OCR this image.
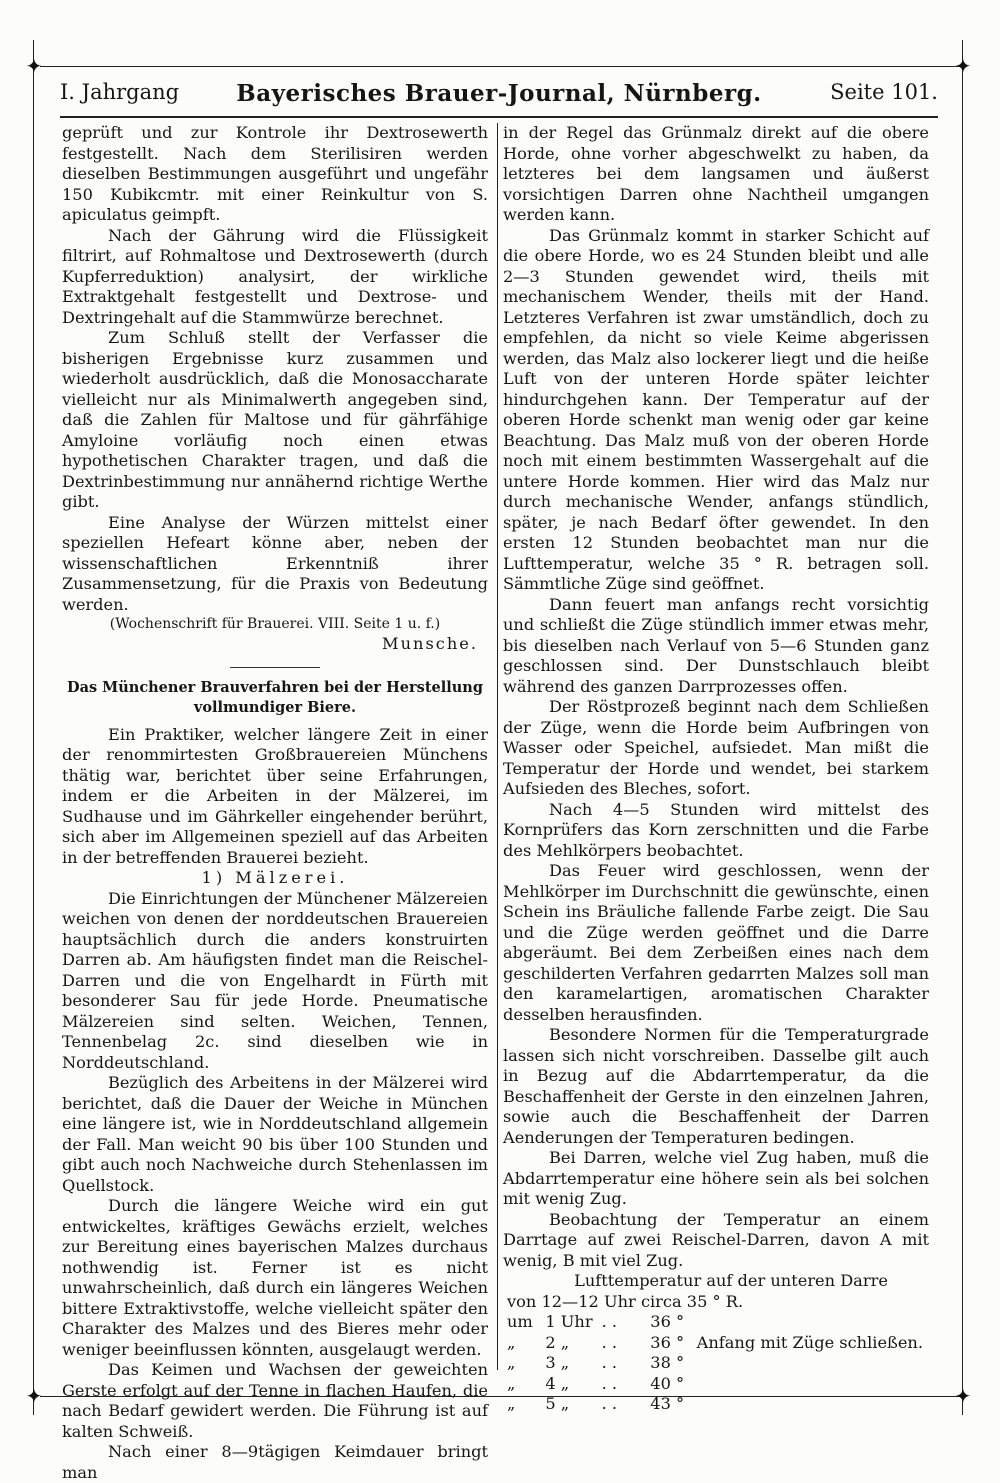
✦	✦
✦	✦
I. Jahrgang	Bayerisches Brauer-Journal, Nürnberg.	Seite 101.

geprüft und zur Kontrole ihr Dextrosewerth festgestellt. Nach dem Sterilisiren werden dieselben Bestimmungen ausgeführt und ungefähr 150 Kubikcmtr. mit einer Reinkultur von S. apiculatus geimpft.

Nach der Gährung wird die Flüssigkeit filtrirt, auf Rohmaltose und Dextrosewerth (durch Kupferreduktion) analysirt, der wirkliche Extraktgehalt festgestellt und Dextrose- und Dextringehalt auf die Stammwürze berechnet.

Zum Schluß stellt der Verfasser die bisherigen Ergebnisse kurz zusammen und wiederholt ausdrücklich, daß die Monosaccharate vielleicht nur als Minimalwerth angegeben sind, daß die Zahlen für Maltose und für gährfähige Amyloine vorläufig noch einen etwas hypothetischen Charakter tragen, und daß die Dextrinbestimmung nur annähernd richtige Werthe gibt.

Eine Analyse der Würzen mittelst einer speziellen Hefeart könne aber, neben der wissenschaftlichen Erkenntniß ihrer Zusammensetzung, für die Praxis von Bedeutung werden.

(Wochenschrift für Brauerei. VIII. Seite 1 u. f.)

Munsche.

Das Münchener Brauverfahren bei der Herstellung vollmundiger Biere.

Ein Praktiker, welcher längere Zeit in einer der renommirtesten Großbrauereien Münchens thätig war, berichtet über seine Erfahrungen, indem er die Arbeiten in der Mälzerei, im Sudhause und im Gährkeller eingehender berührt, sich aber im Allgemeinen speziell auf das Arbeiten in der betreffenden Brauerei bezieht.

1) Mälzerei.

Die Einrichtungen der Münchener Mälzereien weichen von denen der norddeutschen Brauereien hauptsächlich durch die anders konstruirten Darren ab. Am häufigsten findet man die Reischel-Darren und die von Engelhardt in Fürth mit besonderer Sau für jede Horde. Pneumatische Mälzereien sind selten. Weichen, Tennen, Tennenbelag 2c. sind dieselben wie in Norddeutschland.

Bezüglich des Arbeitens in der Mälzerei wird berichtet, daß die Dauer der Weiche in München eine längere ist, wie in Norddeutschland allgemein der Fall. Man weicht 90 bis über 100 Stunden und gibt auch noch Nachweiche durch Stehenlassen im Quellstock.

Durch die längere Weiche wird ein gut entwickeltes, kräftiges Gewächs erzielt, welches zur Bereitung eines bayerischen Malzes durchaus nothwendig ist. Ferner ist es nicht unwahrscheinlich, daß durch ein längeres Weichen bittere Extraktivstoffe, welche vielleicht später den Charakter des Malzes und des Bieres mehr oder weniger beeinflussen könnten, ausgelaugt werden.

Das Keimen und Wachsen der geweichten Gerste erfolgt auf der Tenne in flachen Haufen, die nach Bedarf gewidert werden. Die Führung ist auf kalten Schweiß.

Nach einer 8—9tägigen Keimdauer bringt man

in der Regel das Grünmalz direkt auf die obere Horde, ohne vorher abgeschwelkt zu haben, da letzteres bei dem langsamen und äußerst vorsichtigen Darren ohne Nachtheil umgangen werden kann.

Das Grünmalz kommt in starker Schicht auf die obere Horde, wo es 24 Stunden bleibt und alle 2—3 Stunden gewendet wird, theils mit mechanischem Wender, theils mit der Hand. Letzteres Verfahren ist zwar umständlich, doch zu empfehlen, da nicht so viele Keime abgerissen werden, das Malz also lockerer liegt und die heiße Luft von der unteren Horde später leichter hindurchgehen kann. Der Temperatur auf der oberen Horde schenkt man wenig oder gar keine Beachtung. Das Malz muß von der oberen Horde noch mit einem bestimmten Wassergehalt auf die untere Horde kommen. Hier wird das Malz nur durch mechanische Wender, anfangs stündlich, später, je nach Bedarf öfter gewendet. In den ersten 12 Stunden beobachtet man nur die Lufttemperatur, welche 35 ° R. betragen soll. Sämmtliche Züge sind geöffnet.

Dann feuert man anfangs recht vorsichtig und schließt die Züge stündlich immer etwas mehr, bis dieselben nach Verlauf von 5—6 Stunden ganz geschlossen sind. Der Dunstschlauch bleibt während des ganzen Darrprozesses offen.

Der Röstprozeß beginnt nach dem Schließen der Züge, wenn die Horde beim Aufbringen von Wasser oder Speichel, aufsiedet. Man mißt die Temperatur der Horde und wendet, bei starkem Aufsieden des Bleches, sofort.

Nach 4—5 Stunden wird mittelst des Kornprüfers das Korn zerschnitten und die Farbe des Mehlkörpers beobachtet.

Das Feuer wird geschlossen, wenn der Mehlkörper im Durchschnitt die gewünschte, einen Schein ins Bräuliche fallende Farbe zeigt. Die Sau und die Züge werden geöffnet und die Darre abgeräumt. Bei dem Zerbeißen eines nach dem geschilderten Verfahren gedarrten Malzes soll man den karamelartigen, aromatischen Charakter desselben herausfinden.

Besondere Normen für die Temperaturgrade lassen sich nicht vorschreiben. Dasselbe gilt auch in Bezug auf die Abdarrtemperatur, da die Beschaffenheit der Gerste in den einzelnen Jahren, sowie auch die Beschaffenheit der Darren Aenderungen der Temperaturen bedingen.

Bei Darren, welche viel Zug haben, muß die Abdarrtemperatur eine höhere sein als bei solchen mit wenig Zug.

Beobachtung der Temperatur an einem Darrtage auf zwei Reischel-Darren, davon A mit wenig, B mit viel Zug.

Lufttemperatur auf der unteren Darre

von 12—12 Uhr circa 35 ° R.

um	1 Uhr	. .	36 °	
„	2 „	. .	36 °	Anfang mit Züge schließen.
„	3 „	. .	38 °	
„	4 „	. .	40 °	
„	5 „	. .	43 °	
